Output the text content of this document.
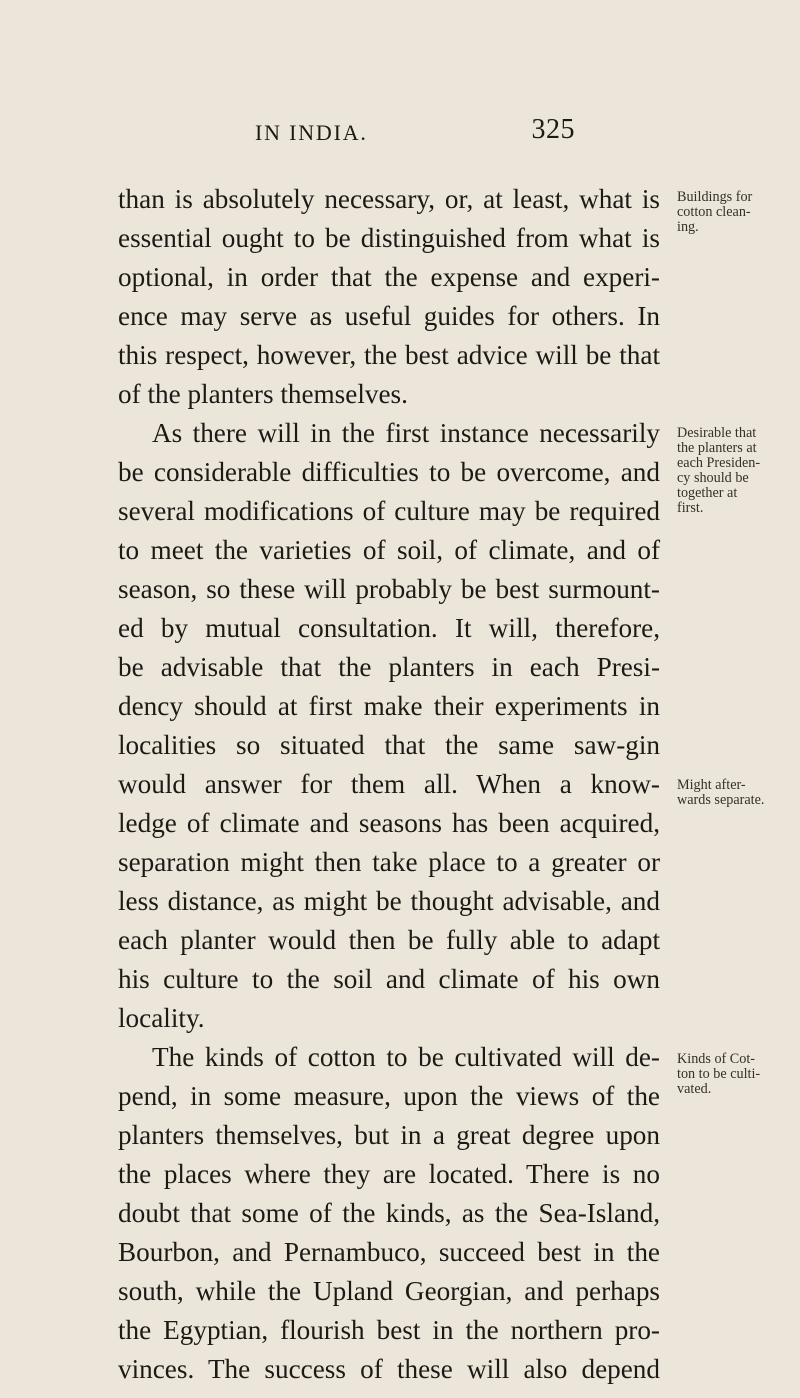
IN INDIA.	325
than is absolutely necessary, or, at least, what is
essential ought to be distinguished from what is
optional, in order that the expense and experi-
ence may serve as useful guides for others. In
this respect, however, the best advice will be that
of the planters themselves.
As there will in the first instance necessarily
be considerable difficulties to be overcome, and
several modifications of culture may be required
to meet the varieties of soil, of climate, and of
season, so these will probably be best surmount-
ed by mutual consultation. It will, therefore,
be advisable that the planters in each Presi-
dency should at first make their experiments in
localities so situated that the same saw-gin
would answer for them all. When a know-
ledge of climate and seasons has been acquired,
separation might then take place to a greater or
less distance, as might be thought advisable, and
each planter would then be fully able to adapt
his culture to the soil and climate of his own
locality.
The kinds of cotton to be cultivated will de-
pend, in some measure, upon the views of the
planters themselves, but in a great degree upon
the places where they are located. There is no
doubt that some of the kinds, as the Sea-Island,
Bourbon, and Pernambuco, succeed best in the
south, while the Upland Georgian, and perhaps
the Egyptian, flourish best in the northern pro-
vinces. The success of these will also depend
Buildings for
cotton clean-
ing.
Desirable that
the planters at
each Presiden-
cy should be
together at
first.
Might after-
wards separate.
Kinds of Cot-
ton to be culti-
vated.
